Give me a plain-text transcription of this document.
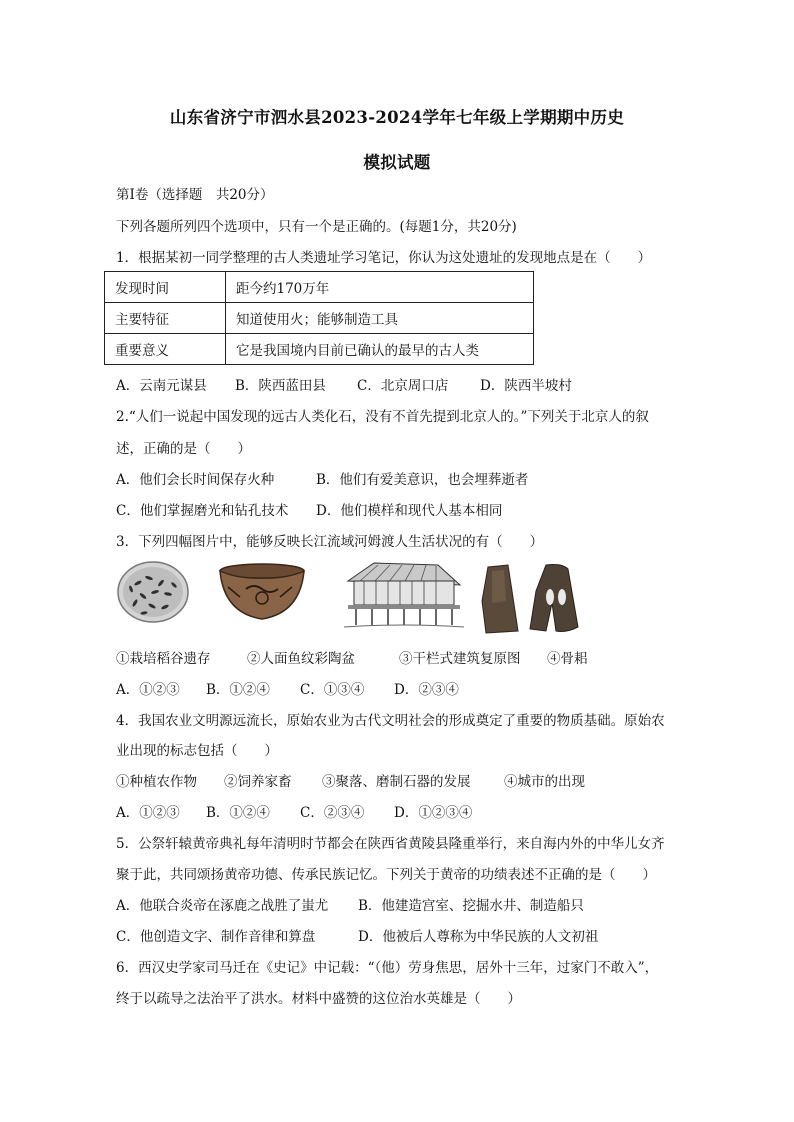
山东省济宁市泗水县2023-2024学年七年级上学期期中历史
模拟试题
第Ⅰ卷（选择题　共20分）
下列各题所列四个选项中，只有一个是正确的。(每题1分，共20分)
1．根据某初一同学整理的古人类遗址学习笔记，你认为这处遗址的发现地点是在（　　）
发现时间	距今约170万年
主要特征	知道使用火；能够制造工具
重要意义	它是我国境内目前已确认的最早的古人类
A．云南元谋县 B．陕西蓝田县 C．北京周口店 D．陕西半坡村
2.“人们一说起中国发现的远古人类化石，没有不首先提到北京人的。”下列关于北京人的叙
述，正确的是（　　）
A．他们会长时间保存火种	B．他们有爱美意识，也会埋葬逝者
C．他们掌握磨光和钻孔技术 D．他们模样和现代人基本相同
3．下列四幅图片中，能够反映长江流域河姆渡人生活状况的有（　　）
①栽培稻谷遗存	②人面鱼纹彩陶盆	③干栏式建筑复原图 ④骨耜
A．①②③ B．①②④ C．①③④ D．②③④
4．我国农业文明源远流长，原始农业为古代文明社会的形成奠定了重要的物质基础。原始农
业出现的标志包括（　　）
①种植农作物 ②饲养家畜 ③聚落、磨制石器的发展 ④城市的出现
A．①②③ B．①②④ C．②③④ D．①②③④
5．公祭轩辕黄帝典礼每年清明时节都会在陕西省黄陵县隆重举行，来自海内外的中华儿女齐
聚于此，共同颂扬黄帝功德、传承民族记忆。下列关于黄帝的功绩表述不正确的是（　　）
A．他联合炎帝在涿鹿之战胜了蚩尤 B．他建造宫室、挖掘水井、制造船只
C．他创造文字、制作音律和算盘	D．他被后人尊称为中华民族的人文初祖
6．西汉史学家司马迁在《史记》中记载：“（他）劳身焦思，居外十三年，过家门不敢入”，
终于以疏导之法治平了洪水。材料中盛赞的这位治水英雄是（　　）
